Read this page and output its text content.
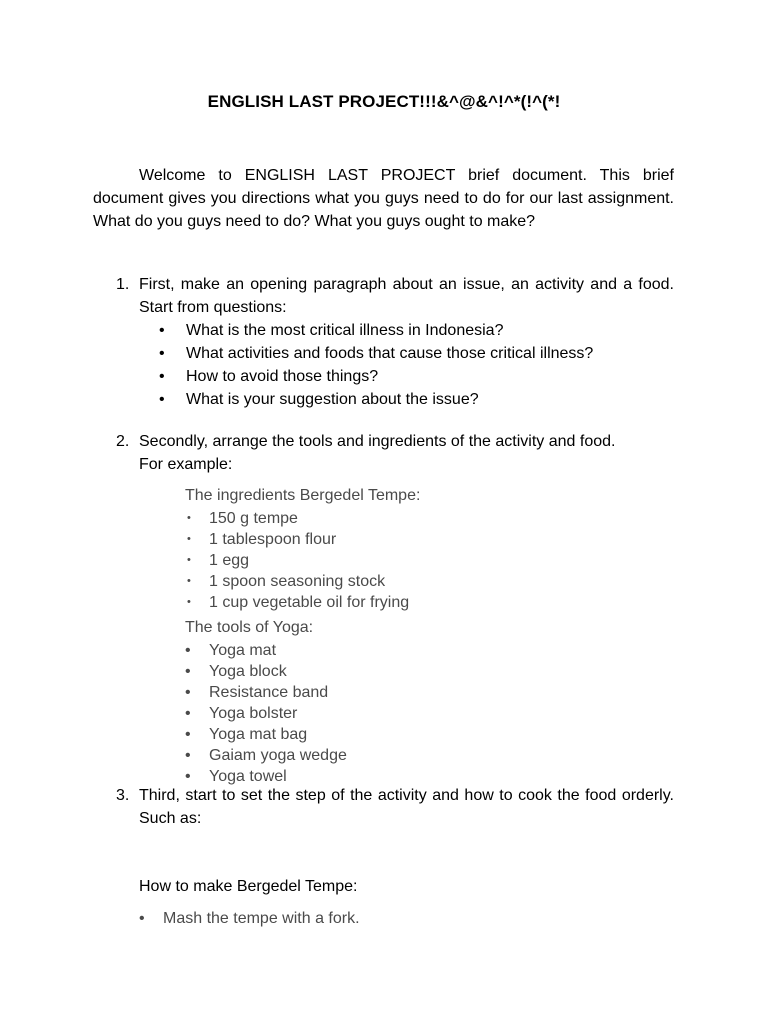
ENGLISH LAST PROJECT!!!&^@&^!^*(!^(*!

Welcome to ENGLISH LAST PROJECT brief document. This brief document gives you directions what you guys need to do for our last assignment. What do you guys need to do? What you guys ought to make?

1. First, make an opening paragraph about an issue, an activity and a food.
Start from questions:
• What is the most critical illness in Indonesia?
• What activities and foods that cause those critical illness?
• How to avoid those things?
• What is your suggestion about the issue?
2. Secondly, arrange the tools and ingredients of the activity and food.
For example:
The ingredients Bergedel Tempe:
• 150 g tempe
• 1 tablespoon flour
• 1 egg
• 1 spoon seasoning stock
• 1 cup vegetable oil for frying
The tools of Yoga:
• Yoga mat
• Yoga block
• Resistance band
• Yoga bolster
• Yoga mat bag
• Gaiam yoga wedge
• Yoga towel
3. Third, start to set the step of the activity and how to cook the food orderly. Such as:
How to make Bergedel Tempe:
• Mash the tempe with a fork.
